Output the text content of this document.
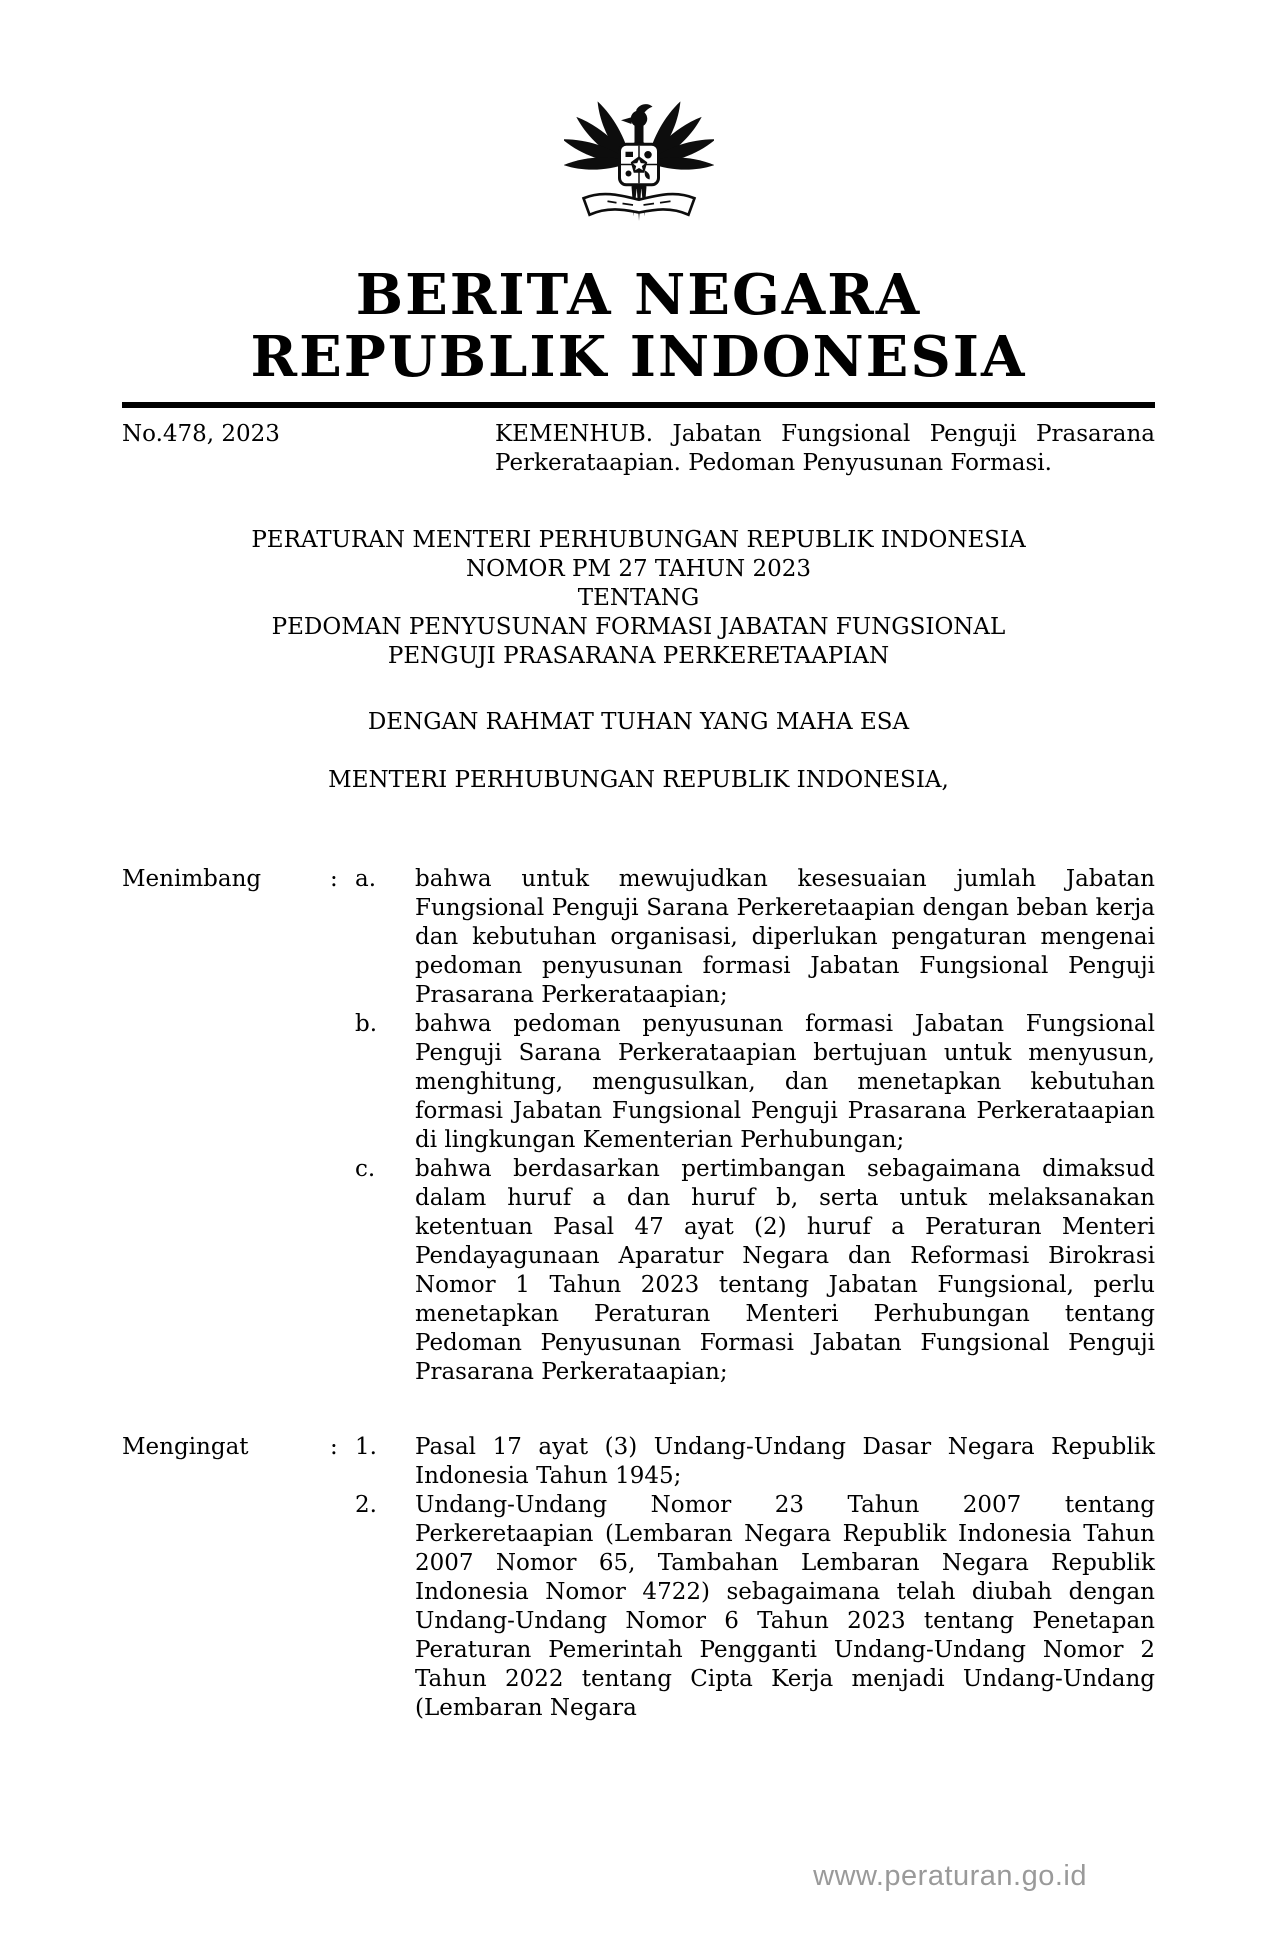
BERITA NEGARA
REPUBLIK INDONESIA
No.478, 2023	KEMENHUB. Jabatan Fungsional Penguji Prasarana Perkerataapian. Pedoman Penyusunan Formasi.
PERATURAN MENTERI PERHUBUNGAN REPUBLIK INDONESIA
NOMOR PM 27 TAHUN 2023
TENTANG
PEDOMAN PENYUSUNAN FORMASI JABATAN FUNGSIONAL
PENGUJI PRASARANA PERKERETAAPIAN
DENGAN RAHMAT TUHAN YANG MAHA ESA
MENTERI PERHUBUNGAN REPUBLIK INDONESIA,
Menimbang	: a.	bahwa untuk mewujudkan kesesuaian jumlah Jabatan Fungsional Penguji Sarana Perkeretaapian dengan beban kerja dan kebutuhan organisasi, diperlukan pengaturan mengenai pedoman penyusunan formasi Jabatan Fungsional Penguji Prasarana Perkerataapian;

b.	bahwa pedoman penyusunan formasi Jabatan Fungsional Penguji Sarana Perkerataapian bertujuan untuk menyusun, menghitung, mengusulkan, dan menetapkan kebutuhan formasi Jabatan Fungsional Penguji Prasarana Perkerataapian di lingkungan Kementerian Perhubungan;

c.	bahwa berdasarkan pertimbangan sebagaimana dimaksud dalam huruf a dan huruf b, serta untuk melaksanakan ketentuan Pasal 47 ayat (2) huruf a Peraturan Menteri Pendayagunaan Aparatur Negara dan Reformasi Birokrasi Nomor 1 Tahun 2023 tentang Jabatan Fungsional, perlu menetapkan Peraturan Menteri Perhubungan tentang Pedoman Penyusunan Formasi Jabatan Fungsional Penguji Prasarana Perkerataapian;

Mengingat	: 1.	Pasal 17 ayat (3) Undang-Undang Dasar Negara Republik Indonesia Tahun 1945;

2.	Undang-Undang Nomor 23 Tahun 2007 tentang Perkeretaapian (Lembaran Negara Republik Indonesia Tahun 2007 Nomor 65, Tambahan Lembaran Negara Republik Indonesia Nomor 4722) sebagaimana telah diubah dengan Undang-Undang Nomor 6 Tahun 2023 tentang Penetapan Peraturan Pemerintah Pengganti Undang-Undang Nomor 2 Tahun 2022 tentang Cipta Kerja menjadi Undang-Undang (Lembaran Negara

www.peraturan.go.id
